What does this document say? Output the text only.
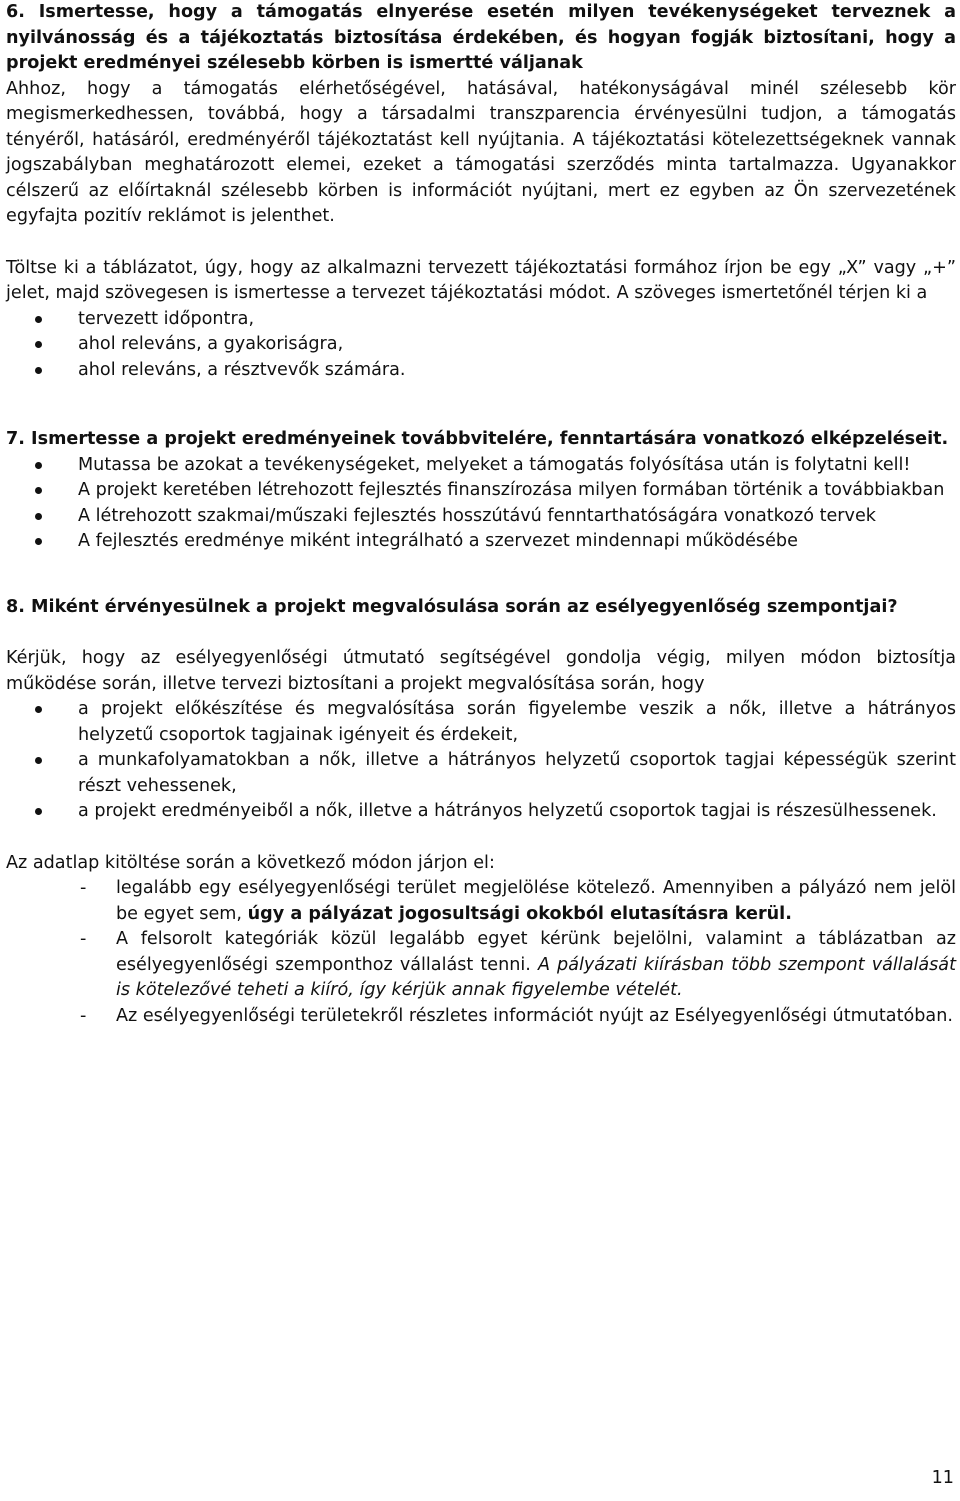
6. Ismertesse, hogy a támogatás elnyerése esetén milyen tevékenységeket terveznek a nyilvánosság és a tájékoztatás biztosítása érdekében, és hogyan fogják biztosítani, hogy a projekt eredményei szélesebb körben is ismertté váljanak

Ahhoz, hogy a támogatás elérhetőségével, hatásával, hatékonyságával minél szélesebb kör megismerkedhessen, továbbá, hogy a társadalmi transzparencia érvényesülni tudjon, a támogatás tényéről, hatásáról, eredményéről tájékoztatást kell nyújtania. A tájékoztatási kötelezettségeknek vannak jogszabályban meghatározott elemei, ezeket a támogatási szerződés minta tartalmazza. Ugyanakkor célszerű az előírtaknál szélesebb körben is információt nyújtani, mert ez egyben az Ön szervezetének egyfajta pozitív reklámot is jelenthet.

Töltse ki a táblázatot, úgy, hogy az alkalmazni tervezett tájékoztatási formához írjon be egy „X” vagy „+” jelet, majd szövegesen is ismertesse a tervezet tájékoztatási módot. A szöveges ismertetőnél térjen ki a

tervezett időpontra,
ahol releváns, a gyakoriságra,
ahol releváns, a résztvevők számára.
7. Ismertesse a projekt eredményeinek továbbvitelére, fenntartására vonatkozó elképzeléseit.
Mutassa be azokat a tevékenységeket, melyeket a támogatás folyósítása után is folytatni kell!
A projekt keretében létrehozott fejlesztés finanszírozása milyen formában történik a továbbiakban
A létrehozott szakmai/műszaki fejlesztés hosszútávú fenntarthatóságára vonatkozó tervek
A fejlesztés eredménye miként integrálható a szervezet mindennapi működésébe
8. Miként érvényesülnek a projekt megvalósulása során az esélyegyenlőség szempontjai?

Kérjük, hogy az esélyegyenlőségi útmutató segítségével gondolja végig, milyen módon biztosítja működése során, illetve tervezi biztosítani a projekt megvalósítása során, hogy

a projekt előkészítése és megvalósítása során figyelembe veszik a nők, illetve a hátrányos helyzetű csoportok tagjainak igényeit és érdekeit,
a munkafolyamatokban a nők, illetve a hátrányos helyzetű csoportok tagjai képességük szerint részt vehessenek,
a projekt eredményeiből a nők, illetve a hátrányos helyzetű csoportok tagjai is részesülhessenek.

Az adatlap kitöltése során a következő módon járjon el:

- legalább egy esélyegyenlőségi terület megjelölése kötelező. Amennyiben a pályázó nem jelöl be egyet sem, úgy a pályázat jogosultsági okokból elutasításra kerül.
- A felsorolt kategóriák közül legalább egyet kérünk bejelölni, valamint a táblázatban az esélyegyenlőségi szemponthoz vállalást tenni. A pályázati kiírásban több szempont vállalását is kötelezővé teheti a kiíró, így kérjük annak figyelembe vételét.
- Az esélyegyenlőségi területekről részletes információt nyújt az Esélyegyenlőségi útmutatóban.
11
